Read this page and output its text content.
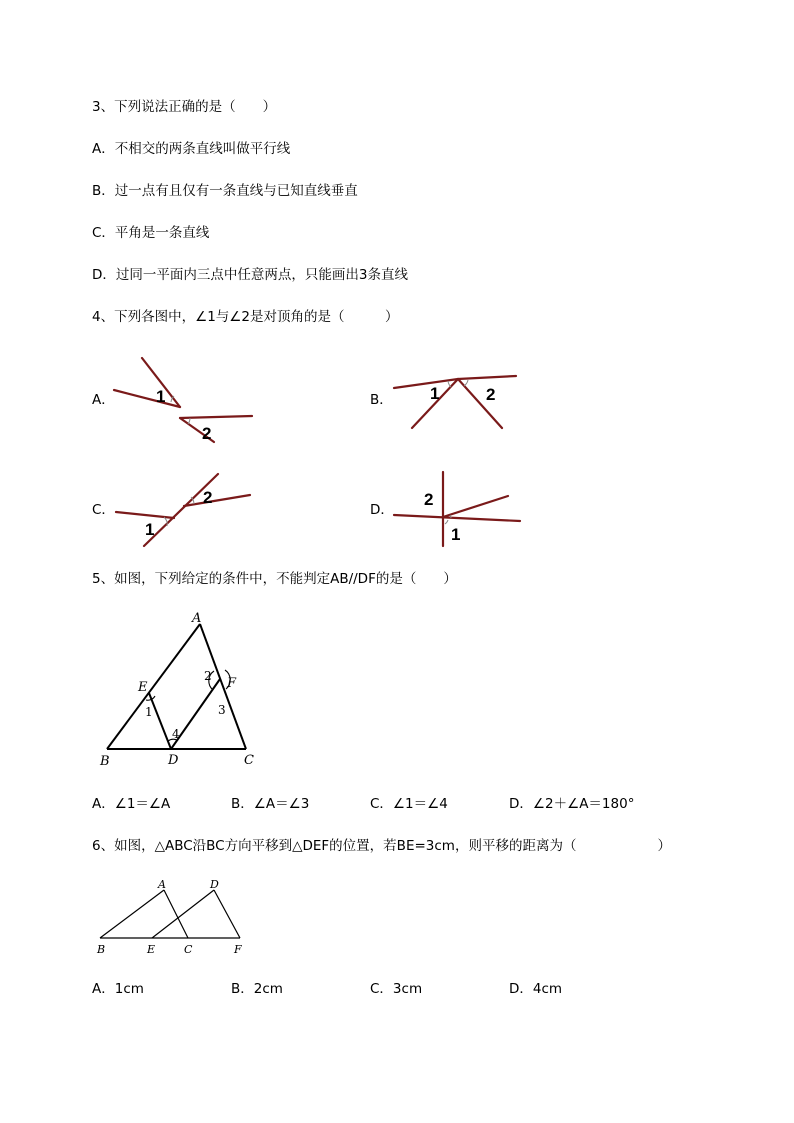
3、下列说法正确的是（　　）
A．不相交的两条直线叫做平行线
B．过一点有且仅有一条直线与已知直线垂直
C．平角是一条直线
D．过同一平面内三点中任意两点，只能画出3条直线
4、下列各图中，∠1与∠2是对顶角的是（　　　）
A． 1
2
B． 1	2
C．
1
2
D．
2
1
5、如图，下列给定的条件中，不能判定AB//DF的是（　　）
A
B	C
D
E	F
1
2
3
4
A．∠1＝∠A	B．∠A＝∠3	C．∠1＝∠4	D．∠2＋∠A＝180°
6、如图，△ABC沿BC方向平移到△DEF的位置，若BE=3cm，则平移的距离为（　　　　　　）
A	D
B	E	C	F
A．1cm	B．2cm	C．3cm	D．4cm
